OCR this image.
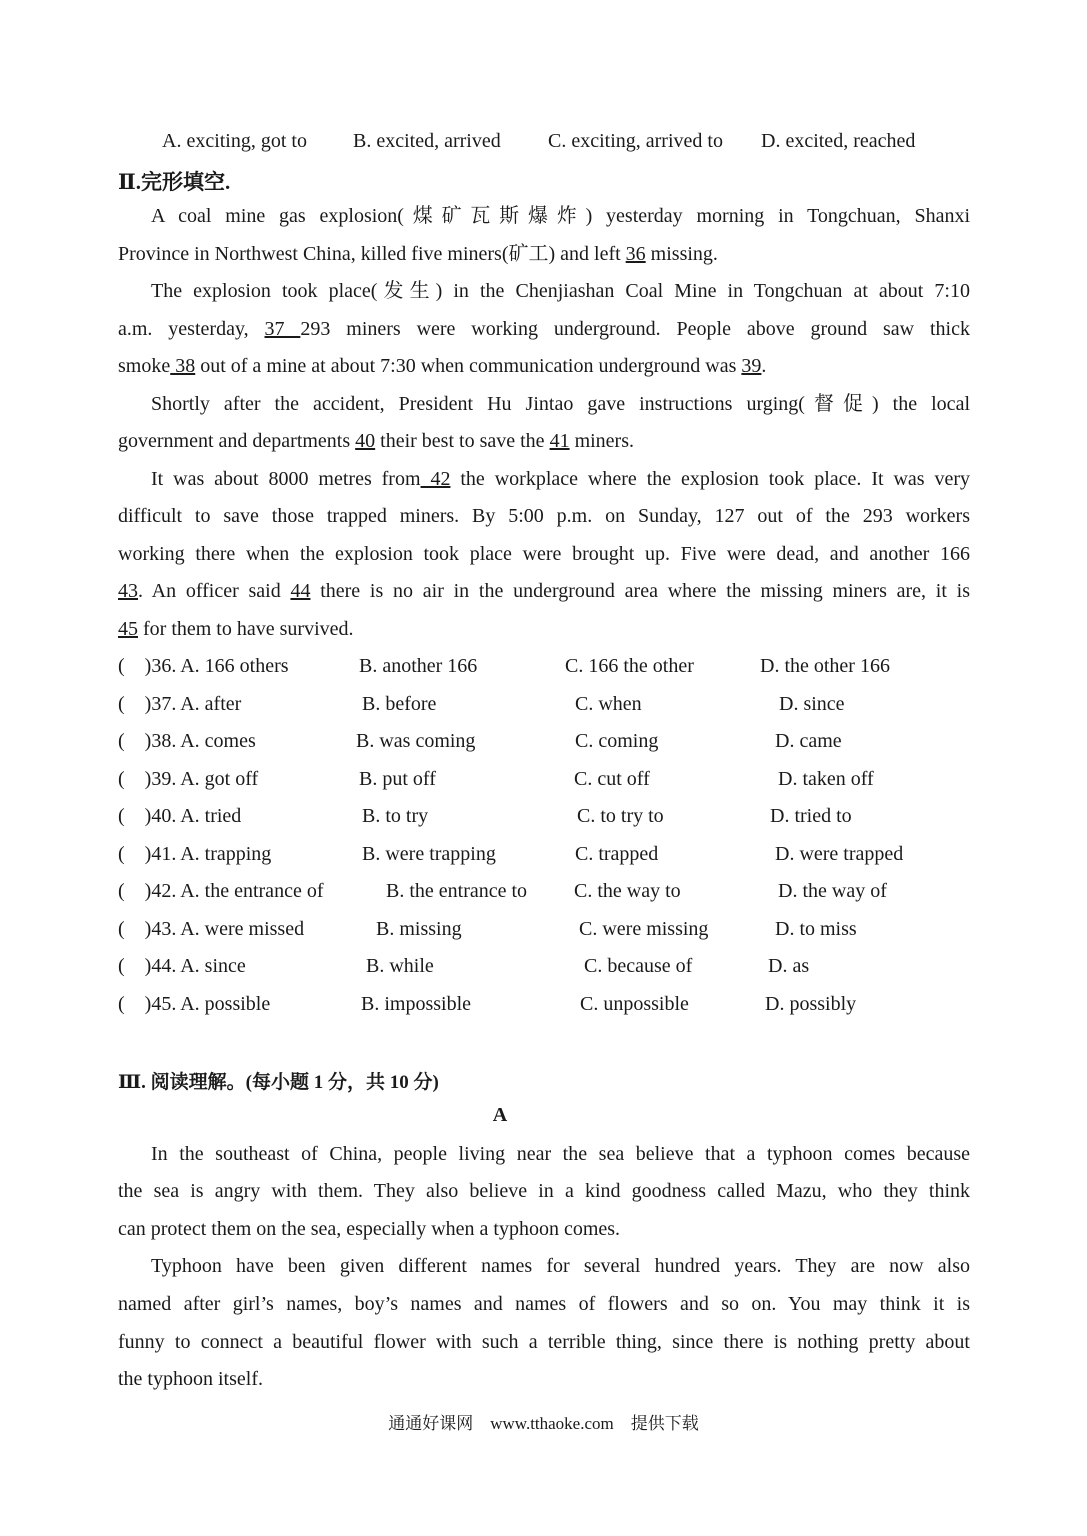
A. exciting, got to B. excited, arrived C. exciting, arrived to D. excited, reached
Ⅱ.完形填空.
A coal mine gas explosion(煤矿瓦斯爆炸) yesterday morning in Tongchuan, Shanxi
Province in Northwest China, killed five miners(矿工) and left 36 missing.
The explosion took place(发生) in the Chenjiashan Coal Mine in Tongchuan at about 7:10
a.m. yesterday, 37 293 miners were working underground. People above ground saw thick
smoke 38 out of a mine at about 7:30 when communication underground was 39.
Shortly after the accident, President Hu Jintao gave instructions urging(督促) the local
government and departments 40 their best to save the 41 miners.
It was about 8000 metres from 42 the workplace where the explosion took place. It was very
difficult to save those trapped miners. By 5:00 p.m. on Sunday, 127 out of the 293 workers
working there when the explosion took place were brought up. Five were dead, and another 166
43. An officer said 44 there is no air in the underground area where the missing miners are, it is
45 for them to have survived.
(　)36. A. 166 others	B. another 166	C. 166 the other	D. the other 166
(　)37. A. after	B. before	C. when	D. since
(　)38. A. comes	B. was coming	C. coming	D. came
(　)39. A. got off	B. put off	C. cut off	D. taken off
(　)40. A. tried	B. to try	C. to try to	D. tried to
(　)41. A. trapping	B. were trapping	C. trapped	D. were trapped
(　)42. A. the entrance of	B. the entrance to C. the way to	D. the way of
(　)43. A. were missed	B. missing	C. were missing	D. to miss
(　)44. A. since	B. while	C. because of	D. as
(　)45. A. possible	B. impossible	C. unpossible	D. possibly
Ⅲ. 阅读理解。(每小题 1 分，共 10 分)
A
In the southeast of China, people living near the sea believe that a typhoon comes because
the sea is angry with them. They also believe in a kind goodness called Mazu, who they think
can protect them on the sea, especially when a typhoon comes.
Typhoon have been given different names for several hundred years. They are now also
named after girl’s names, boy’s names and names of flowers and so on. You may think it is
funny to connect a beautiful flower with such a terrible thing, since there is nothing pretty about
the typhoon itself.
通通好课网　www.tthaoke.com　提供下载
